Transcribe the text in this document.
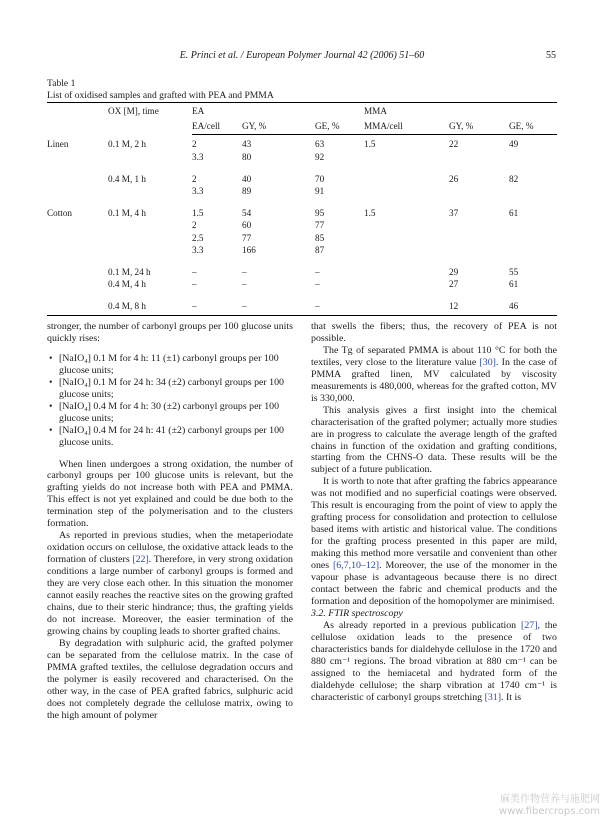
E. Princi et al. / European Polymer Journal 42 (2006) 51–60	55
Table 1
List of oxidised samples and grafted with PEA and PMMA
	OX [M], time	EA			MMA		
		EA/cell	GY, %	GE, %	MMA/cell	GY, %	GE, %
Linen	0.1 M, 2 h	2	43	63	1.5	22	49
		3.3	80	92			

	0.4 M, 1 h	2	40	70		26	82
		3.3	89	91			

Cotton	0.1 M, 4 h	1.5	54	95	1.5	37	61
		2	60	77			
		2.5	77	85			
		3.3	166	87			

	0.1 M, 24 h	–	–	–		29	55
	0.4 M, 4 h	–	–	–		27	61

	0.4 M, 8 h	–	–	–		12	46

stronger, the number of carbonyl groups per 100 glucose units quickly rises:

• [NaIO₄] 0.1 M for 4 h: 11 (±1) carbonyl groups per 100 glucose units;
• [NaIO₄] 0.1 M for 24 h: 34 (±2) carbonyl groups per 100 glucose units;
• [NaIO₄] 0.4 M for 4 h: 30 (±2) carbonyl groups per 100 glucose units;
• [NaIO₄] 0.4 M for 24 h: 41 (±2) carbonyl groups per 100 glucose units.

When linen undergoes a strong oxidation, the number of carbonyl groups per 100 glucose units is relevant, but the grafting yields do not increase both with PEA and PMMA. This effect is not yet explained and could be due both to the termination step of the polymerisation and to the clusters formation.

As reported in previous studies, when the metaperiodate oxidation occurs on cellulose, the oxidative attack leads to the formation of clusters [22]. Therefore, in very strong oxidation conditions a large number of carbonyl groups is formed and they are very close each other. In this situation the monomer cannot easily reaches the reactive sites on the growing grafted chains, due to their steric hindrance; thus, the grafting yields do not increase. Moreover, the easier termination of the growing chains by coupling leads to shorter grafted chains.

By degradation with sulphuric acid, the grafted polymer can be separated from the cellulose matrix. In the case of PMMA grafted textiles, the cellulose degradation occurs and the polymer is easily recovered and characterised. On the other way, in the case of PEA grafted fabrics, sulphuric acid does not completely degrade the cellulose matrix, owing to the high amount of polymer

that swells the fibers; thus, the recovery of PEA is not possible.

The Tg of separated PMMA is about 110 °C for both the textiles, very close to the literature value [30]. In the case of PMMA grafted linen, MV calculated by viscosity measurements is 480,000, whereas for the grafted cotton, MV is 330,000.

This analysis gives a first insight into the chemical characterisation of the grafted polymer; actually more studies are in progress to calculate the average length of the grafted chains in function of the oxidation and grafting conditions, starting from the CHNS-O data. These results will be the subject of a future publication.

It is worth to note that after grafting the fabrics appearance was not modified and no superficial coatings were observed. This result is encouraging from the point of view to apply the grafting process for consolidation and protection to cellulose based items with artistic and historical value. The conditions for the grafting process presented in this paper are mild, making this method more versatile and convenient than other ones [6,7,10–12]. Moreover, the use of the monomer in the vapour phase is advantageous because there is no direct contact between the fabric and chemical products and the formation and deposition of the homopolymer are minimised.

3.2. FTIR spectroscopy

As already reported in a previous publication [27], the cellulose oxidation leads to the presence of two characteristics bands for dialdehyde cellulose in the 1720 and 880 cm⁻¹ regions. The broad vibration at 880 cm⁻¹ can be assigned to the hemiacetal and hydrated form of the dialdehyde cellulose; the sharp vibration at 1740 cm⁻¹ is characteristic of carbonyl groups stretching [31]. It is

麻类作物营养与施肥网
www.fibercrops.com
